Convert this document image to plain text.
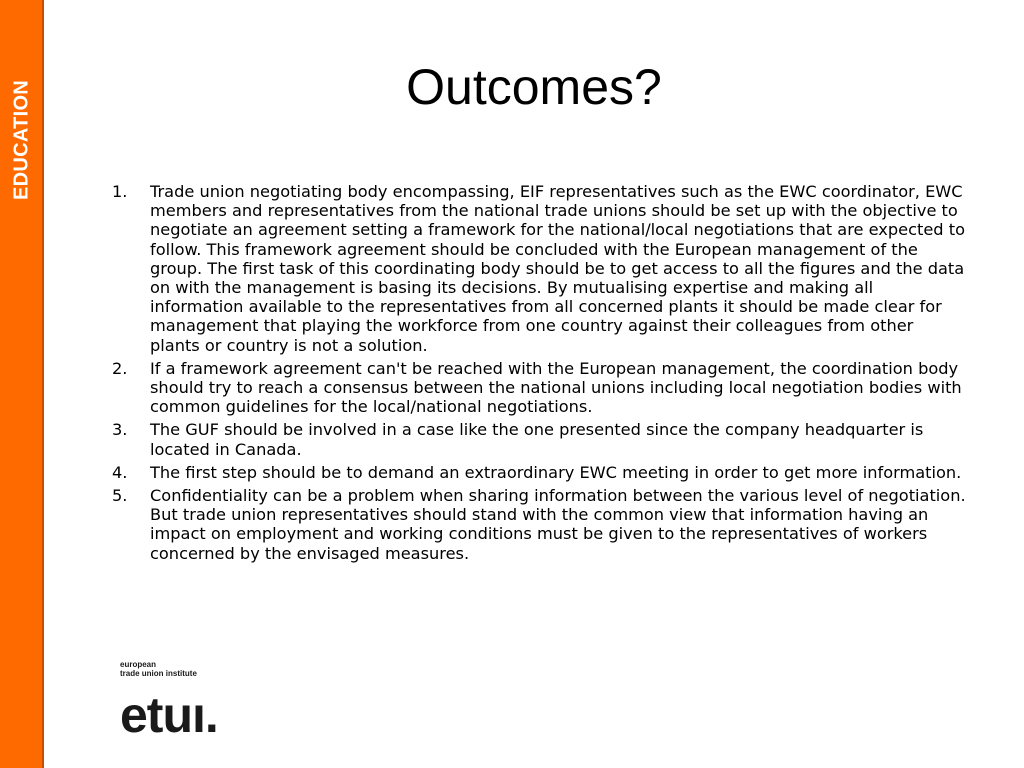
EDUCATION	Outcomes?
1. Trade union negotiating body encompassing, EIF representatives such as the EWC coordinator, EWC members and representatives from the national trade unions should be set up with the objective to negotiate an agreement setting a framework for the national/local negotiations that are expected to follow. This framework agreement should be concluded with the European management of the group. The first task of this coordinating body should be to get access to all the figures and the data on with the management is basing its decisions. By mutualising expertise and making all information available to the representatives from all concerned plants it should be made clear for management that playing the workforce from one country against their colleagues from other plants or country is not a solution.
2. If a framework agreement can't be reached with the European management, the coordination body should try to reach a consensus between the national unions including local negotiation bodies with common guidelines for the local/national negotiations.
3. The GUF should be involved in a case like the one presented since the company headquarter is located in Canada.
4. The first step should be to demand an extraordinary EWC meeting in order to get more information.
5. Confidentiality can be a problem when sharing information between the various level of negotiation. But trade union representatives should stand with the common view that information having an impact on employment and working conditions must be given to the representatives of workers concerned by the envisaged measures.
european
trade union institute
etuı.
